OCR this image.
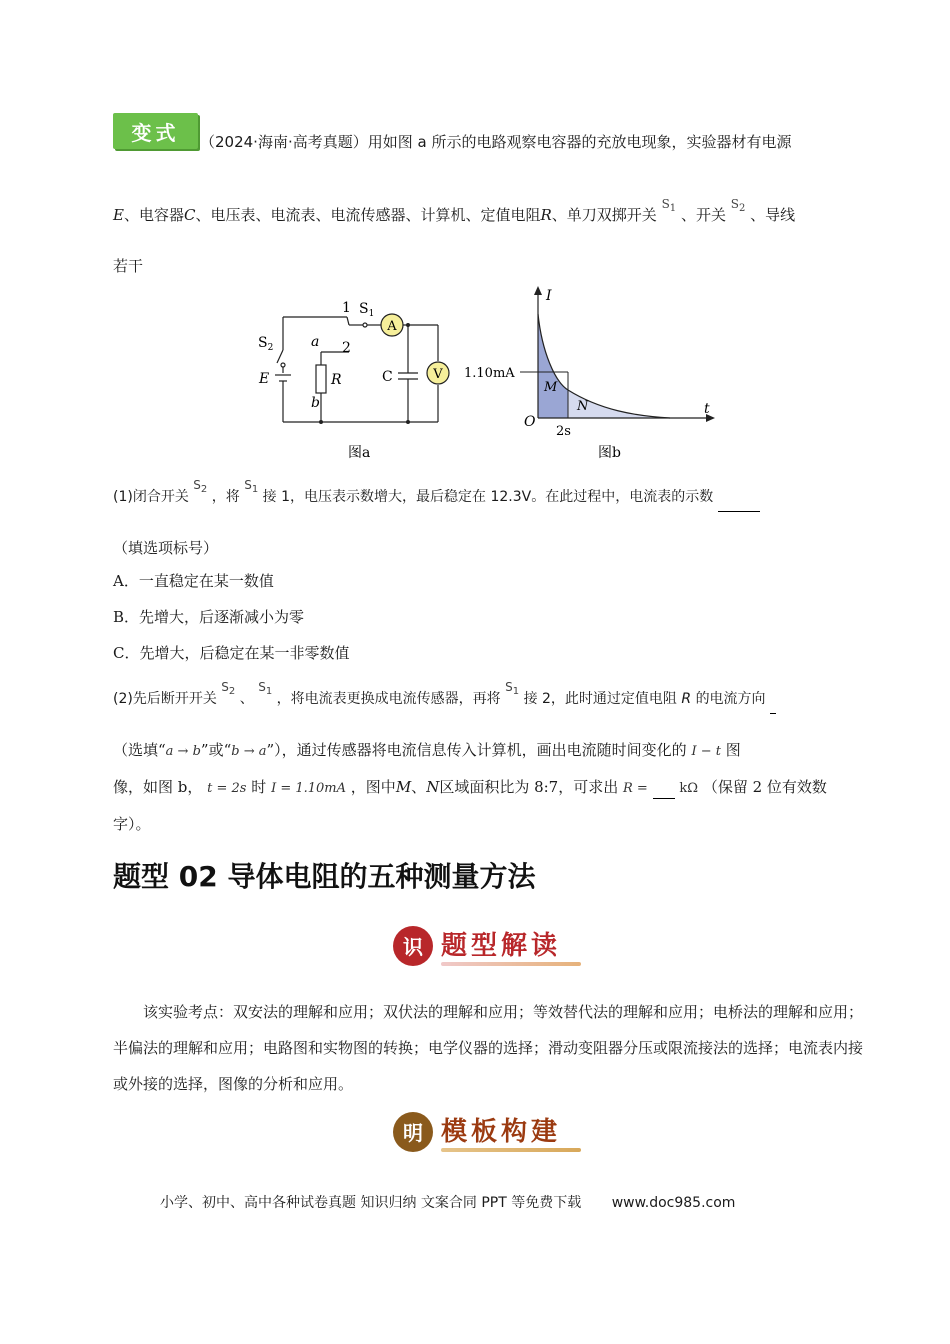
变式	（2024·海南·高考真题）用如图 a 所示的电路观察电容器的充放电现象，实验器材有电源
E、电容器C、电压表、电流表、电流传感器、计算机、定值电阻R、单刀双掷开关 $^{S_1}$ 、开关 $^{S_2}$ 、导线
若干
A
V
1
2
$S_1$
$S_2$	a
b
R	C
E
图a
I
t
O
1.10mA
2s
M
N
图b
(1)闭合开关 $S_2$ ，将 $S_1$ 接 1，电压表示数增大，最后稳定在 12.3V。在此过程中，电流表的示数
（填选项标号）
A．一直稳定在某一数值
B．先增大，后逐渐减小为零
C．先增大，后稳定在某一非零数值
(2)先后断开开关 $S_2$ 、 $S_1$ ，将电流表更换成电流传感器，再将 $S_1$ 接 2，此时通过定值电阻 R 的电流方向
（选填“a → b”或“b → a”），通过传感器将电流信息传入计算机，画出电流随时间变化的 I − t 图
像，如图 b， t = 2s 时 I = 1.10mA ，图中M、N区域面积比为 8:7，可求出 R = kΩ （保留 2 位有效数
字）。
题型 02 导体电阻的五种测量方法
识 题型解读
该实验考点：双安法的理解和应用；双伏法的理解和应用；等效替代法的理解和应用；电桥法的理解和应用；半偏法的理解和应用；电路图和实物图的转换；电学仪器的选择；滑动变阻器分压或限流接法的选择；电流表内接或外接的选择，图像的分析和应用。
明 模板构建
小学、初中、高中各种试卷真题 知识归纳 文案合同 PPT 等免费下载 www.doc985.com
